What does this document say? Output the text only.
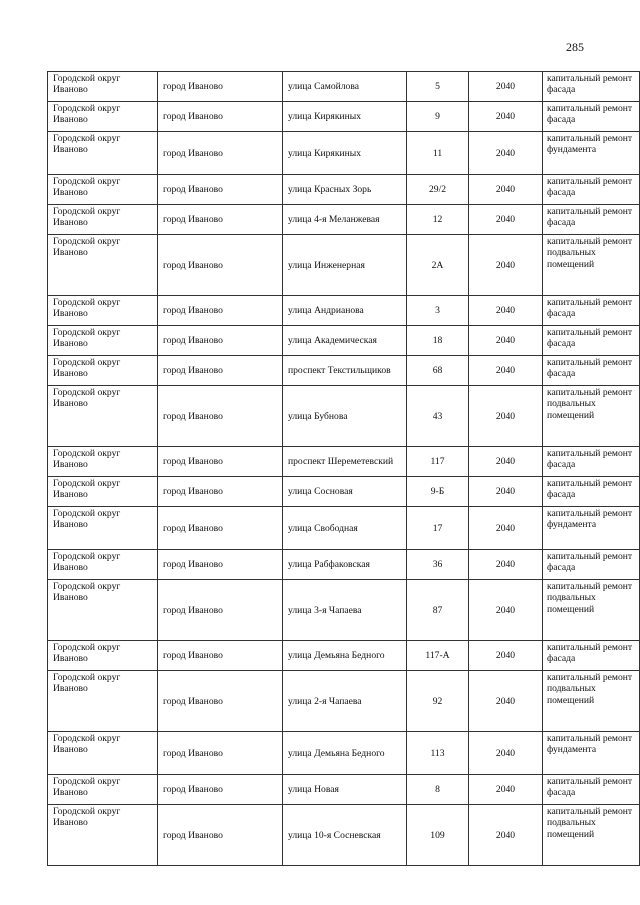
285
Городской округ Иваново	город Иваново	улица Самойлова	5	2040	капитальный ремонт фасада
Городской округ Иваново	город Иваново	улица Кирякиных	9	2040	капитальный ремонт фасада
Городской округ Иваново	город Иваново	улица Кирякиных	11	2040	капитальный ремонт фундамента
Городской округ Иваново	город Иваново	улица Красных Зорь	29/2	2040	капитальный ремонт фасада
Городской округ Иваново	город Иваново	улица 4-я Меланжевая	12	2040	капитальный ремонт фасада
Городской округ Иваново	город Иваново	улица Инженерная	2А	2040	капитальный ремонт подвальных помещений
Городской округ Иваново	город Иваново	улица Андрианова	3	2040	капитальный ремонт фасада
Городской округ Иваново	город Иваново	улица Академическая	18	2040	капитальный ремонт фасада
Городской округ Иваново	город Иваново	проспект Текстильщиков	68	2040	капитальный ремонт фасада
Городской округ Иваново	город Иваново	улица Бубнова	43	2040	капитальный ремонт подвальных помещений
Городской округ Иваново	город Иваново	проспект Шереметевский	117	2040	капитальный ремонт фасада
Городской округ Иваново	город Иваново	улица Сосновая	9-Б	2040	капитальный ремонт фасада
Городской округ Иваново	город Иваново	улица Свободная	17	2040	капитальный ремонт фундамента
Городской округ Иваново	город Иваново	улица Рабфаковская	36	2040	капитальный ремонт фасада
Городской округ Иваново	город Иваново	улица 3-я Чапаева	87	2040	капитальный ремонт подвальных помещений
Городской округ Иваново	город Иваново	улица Демьяна Бедного	117-А	2040	капитальный ремонт фасада
Городской округ Иваново	город Иваново	улица 2-я Чапаева	92	2040	капитальный ремонт подвальных помещений
Городской округ Иваново	город Иваново	улица Демьяна Бедного	113	2040	капитальный ремонт фундамента
Городской округ Иваново	город Иваново	улица Новая	8	2040	капитальный ремонт фасада
Городской округ Иваново	город Иваново	улица 10-я Сосневская	109	2040	капитальный ремонт подвальных помещений
